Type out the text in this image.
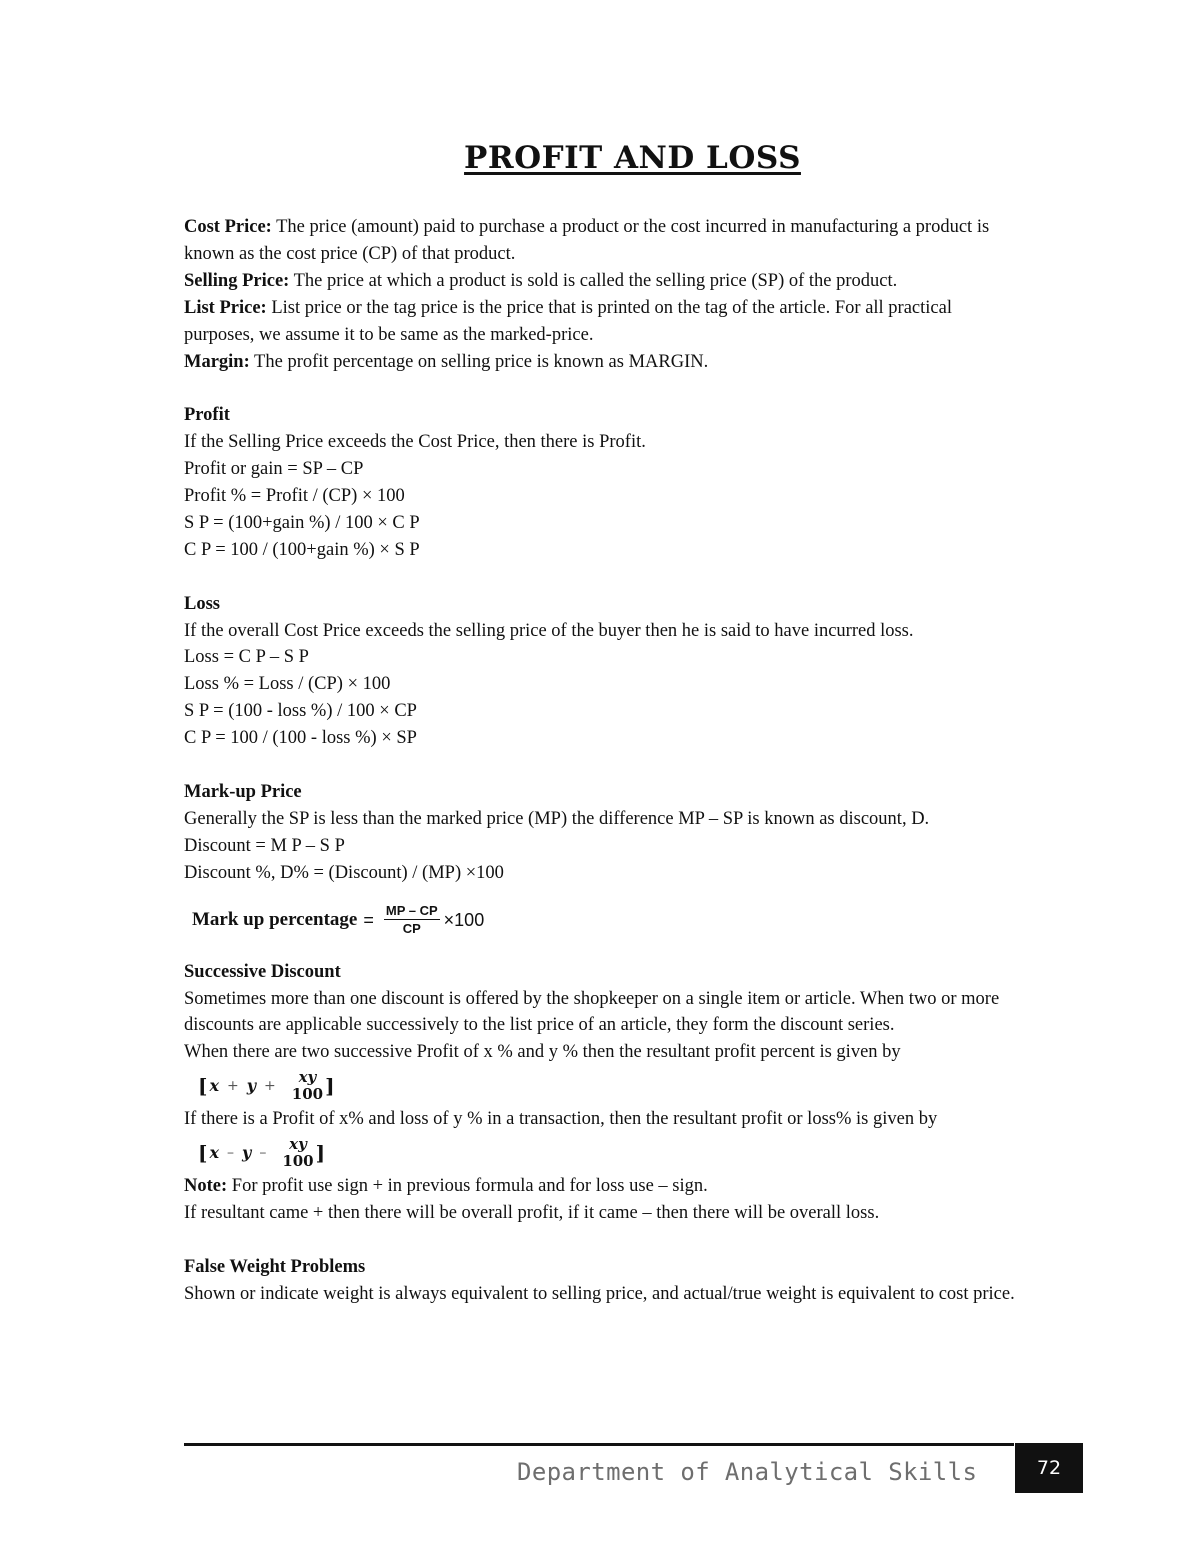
PROFIT AND LOSS
Cost Price: The price (amount) paid to purchase a product or the cost incurred in manufacturing a product is known as the cost price (CP) of that product.
Selling Price: The price at which a product is sold is called the selling price (SP) of the product.
List Price: List price or the tag price is the price that is printed on the tag of the article. For all practical purposes, we assume it to be same as the marked-price.
Margin: The profit percentage on selling price is known as MARGIN.
Profit
If the Selling Price exceeds the Cost Price, then there is Profit.
Profit or gain = SP – CP
Profit % = Profit / (CP) × 100
S P = (100+gain %) / 100 × C P
C P = 100 / (100+gain %) × S P
Loss
If the overall Cost Price exceeds the selling price of the buyer then he is said to have incurred loss.
Loss = C P – S P
Loss % = Loss / (CP) × 100
S P = (100 - loss %) / 100 × CP
C P = 100 / (100 - loss %) × SP
Mark-up Price
Generally the SP is less than the marked price (MP) the difference MP – SP is known as discount, D.
Discount = M P – S P
Discount %, D% = (Discount) / (MP) ×100
Mark up percentage = $\frac{MP - CP}{CP} \times 100$
Successive Discount
Sometimes more than one discount is offered by the shopkeeper on a single item or article. When two or more discounts are applicable successively to the list price of an article, they form the discount series.
When there are two successive Profit of x % and y % then the resultant profit percent is given by
[ x + y +
xy
100 ]
If there is a Profit of x% and loss of y % in a transaction, then the resultant profit or loss% is given by
[ x – y –
xy
100 ]
Note: For profit use sign + in previous formula and for loss use – sign.
If resultant came + then there will be overall profit, if it came – then there will be overall loss.
False Weight Problems
Shown or indicate weight is always equivalent to selling price, and actual/true weight is equivalent to cost price.
Department of Analytical Skills	72
